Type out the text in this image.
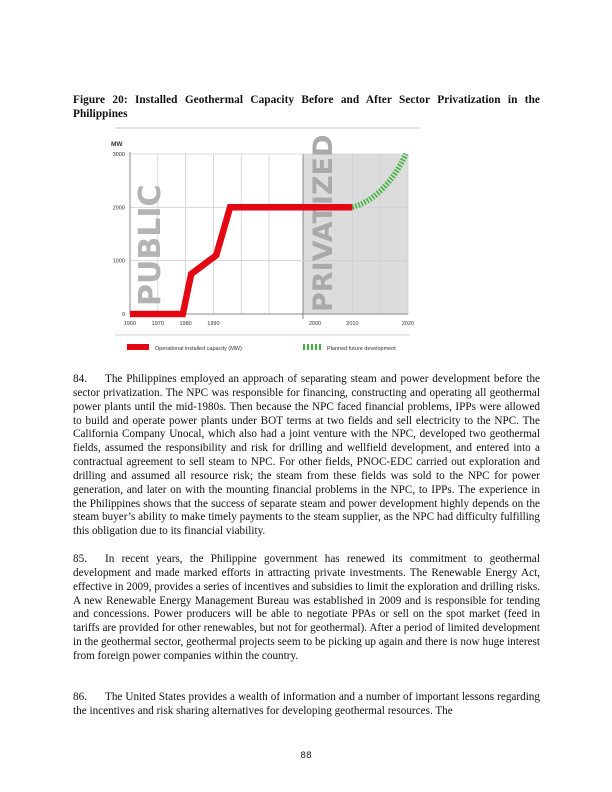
Figure 20: Installed Geothermal Capacity Before and After Sector Privatization in the Philippines
PUBLIC	PRIVATIZED
MW
3000
2000
1000
0
1960	1970	1980	1990	2000	2010	2020
Operational installed capacity (MW)	Planned future development

84. The Philippines employed an approach of separating steam and power development before the sector privatization. The NPC was responsible for financing, constructing and operating all geothermal power plants until the mid-1980s. Then because the NPC faced financial problems, IPPs were allowed to build and operate power plants under BOT terms at two fields and sell electricity to the NPC. The California Company Unocal, which also had a joint venture with the NPC, developed two geothermal fields, assumed the responsibility and risk for drilling and wellfield development, and entered into a contractual agreement to sell steam to NPC. For other fields, PNOC-EDC carried out exploration and drilling and assumed all resource risk; the steam from these fields was sold to the NPC for power generation, and later on with the mounting financial problems in the NPC, to IPPs. The experience in the Philippines shows that the success of separate steam and power development highly depends on the steam buyer’s ability to make timely payments to the steam supplier, as the NPC had difficulty fulfilling this obligation due to its financial viability.

85. In recent years, the Philippine government has renewed its commitment to geothermal development and made marked efforts in attracting private investments. The Renewable Energy Act, effective in 2009, provides a series of incentives and subsidies to limit the exploration and drilling risks. A new Renewable Energy Management Bureau was established in 2009 and is responsible for tending and concessions. Power producers will be able to negotiate PPAs or sell on the spot market (feed in tariffs are provided for other renewables, but not for geothermal). After a period of limited development in the geothermal sector, geothermal projects seem to be picking up again and there is now huge interest from foreign power companies within the country.

86. The United States provides a wealth of information and a number of important lessons regarding the incentives and risk sharing alternatives for developing geothermal resources. The

88
